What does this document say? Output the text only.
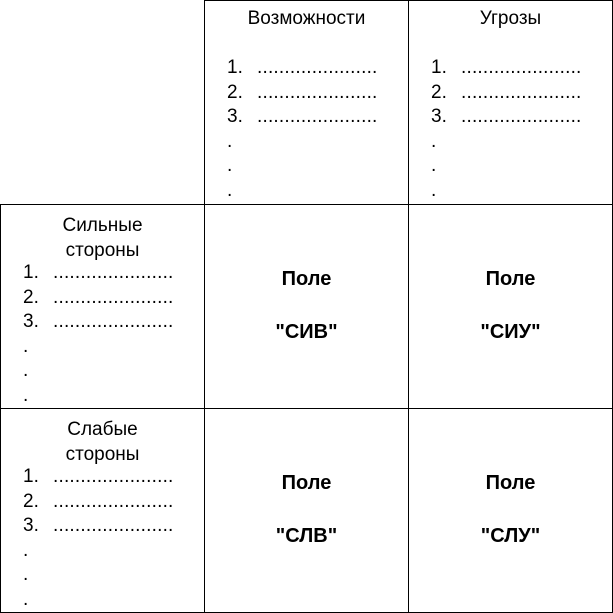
Возможности
1. ......................
2. ......................
3. ......................
.
.
.
Угрозы
1. ......................
2. ......................
3. ......................
.
.
.
Сильные
стороны
1. ......................
2. ......................
3. ......................
.
.
.
Поле
"СИВ"
Поле
"СИУ"
Слабые
стороны
1. ......................
2. ......................
3. ......................
.
.
.
Поле
"СЛВ"
Поле
"СЛУ"
